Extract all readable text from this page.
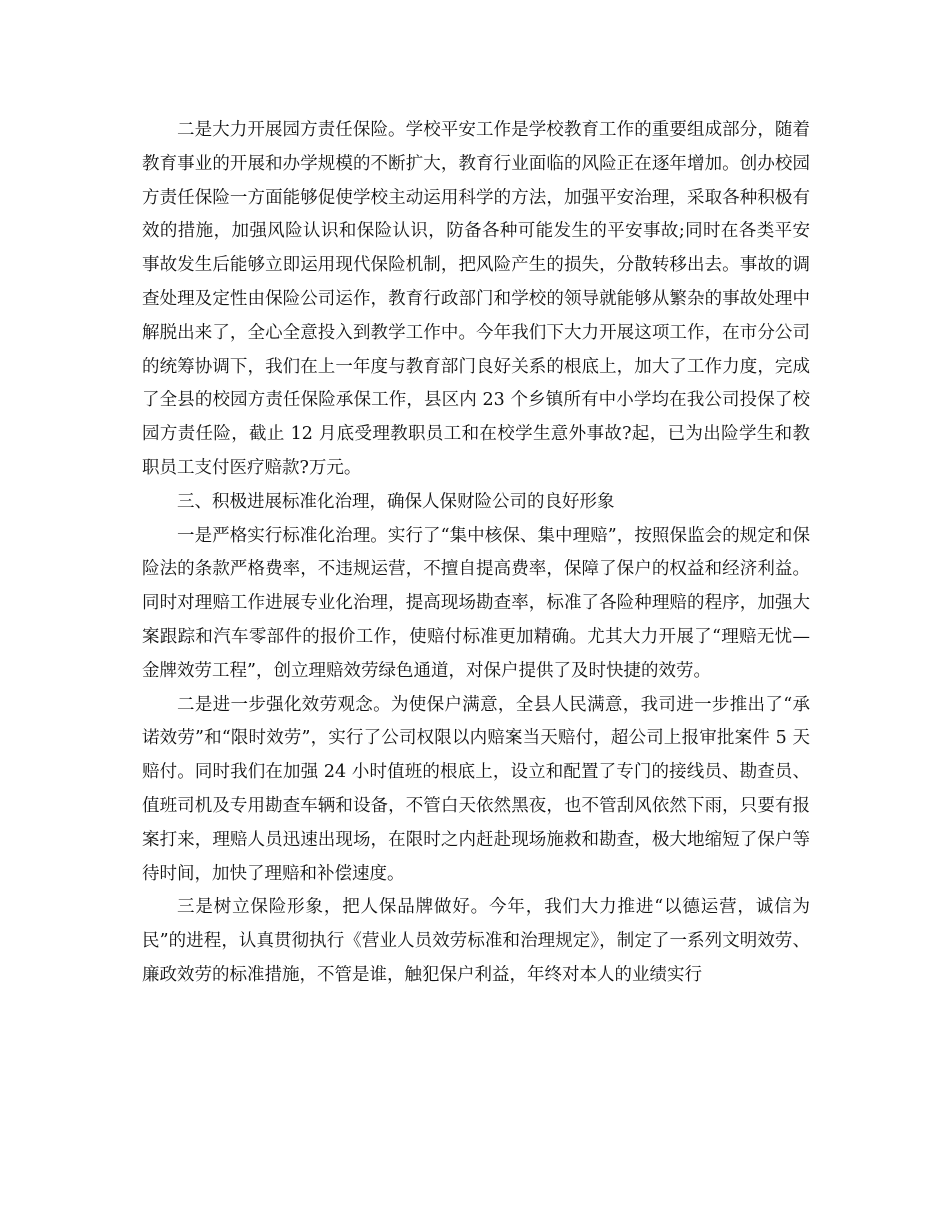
二是大力开展园方责任保险。学校平安工作是学校教育工作的重要组成部分，随着教育事业的开展和办学规模的不断扩大，教育行业面临的风险正在逐年增加。创办校园方责任保险一方面能够促使学校主动运用科学的方法，加强平安治理，采取各种积极有效的措施，加强风险认识和保险认识，防备各种可能发生的平安事故;同时在各类平安事故发生后能够立即运用现代保险机制，把风险产生的损失，分散转移出去。事故的调查处理及定性由保险公司运作，教育行政部门和学校的领导就能够从繁杂的事故处理中解脱出来了，全心全意投入到教学工作中。今年我们下大力开展这项工作，在市分公司的统筹协调下，我们在上一年度与教育部门良好关系的根底上，加大了工作力度，完成了全县的校园方责任保险承保工作，县区内 23 个乡镇所有中小学均在我公司投保了校园方责任险，截止 12 月底受理教职员工和在校学生意外事故?起，已为出险学生和教职员工支付医疗赔款?万元。

三、积极进展标准化治理，确保人保财险公司的良好形象

一是严格实行标准化治理。实行了“集中核保、集中理赔”，按照保监会的规定和保险法的条款严格费率，不违规运营，不擅自提高费率，保障了保户的权益和经济利益。同时对理赔工作进展专业化治理，提高现场勘查率，标准了各险种理赔的程序，加强大案跟踪和汽车零部件的报价工作，使赔付标准更加精确。尤其大力开展了“理赔无忧—金牌效劳工程”，创立理赔效劳绿色通道，对保户提供了及时快捷的效劳。

二是进一步强化效劳观念。为使保户满意，全县人民满意，我司进一步推出了“承诺效劳”和“限时效劳”，实行了公司权限以内赔案当天赔付，超公司上报审批案件 5 天赔付。同时我们在加强 24 小时值班的根底上，设立和配置了专门的接线员、勘查员、值班司机及专用勘查车辆和设备，不管白天依然黑夜，也不管刮风依然下雨，只要有报案打来，理赔人员迅速出现场，在限时之内赶赴现场施救和勘查，极大地缩短了保户等待时间，加快了理赔和补偿速度。

三是树立保险形象，把人保品牌做好。今年，我们大力推进“以德运营，诚信为民”的进程，认真贯彻执行《营业人员效劳标准和治理规定》，制定了一系列文明效劳、廉政效劳的标准措施，不管是谁，触犯保户利益，年终对本人的业绩实行
